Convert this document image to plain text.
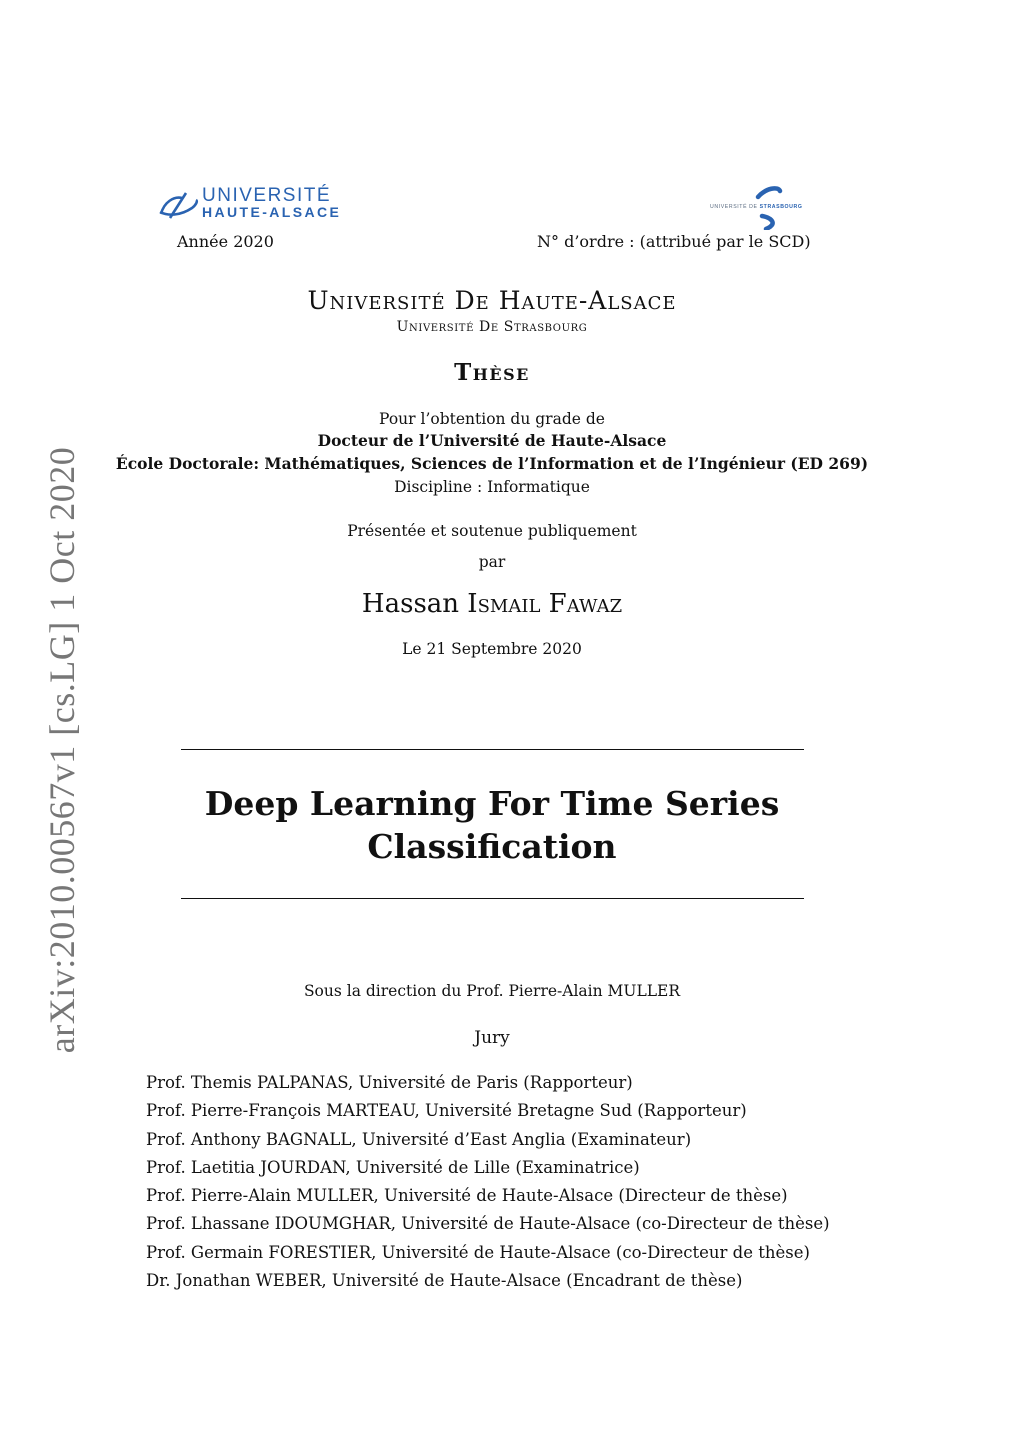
arXiv:2010.00567v1 [cs.LG] 1 Oct 2020
UNIVERSITÉ
HAUTE-ALSACE	UNIVERSITÉ DE STRASBOURG
Année 2020	N° d’ordre : (attribué par le SCD)
Université De Haute-Alsace
Université De Strasbourg
Thèse
Pour l’obtention du grade de
Docteur de l’Université de Haute-Alsace
École Doctorale: Mathématiques, Sciences de l’Information et de l’Ingénieur (ED 269)
Discipline : Informatique
Présentée et soutenue publiquement
par
Hassan Ismail Fawaz
Le 21 Septembre 2020
Deep Learning For Time Series
Classification
Sous la direction du Prof. Pierre-Alain MULLER
Jury
Prof. Themis PALPANAS, Université de Paris (Rapporteur)
Prof. Pierre-François MARTEAU, Université Bretagne Sud (Rapporteur)
Prof. Anthony BAGNALL, Université d’East Anglia (Examinateur)
Prof. Laetitia JOURDAN, Université de Lille (Examinatrice)
Prof. Pierre-Alain MULLER, Université de Haute-Alsace (Directeur de thèse)
Prof. Lhassane IDOUMGHAR, Université de Haute-Alsace (co-Directeur de thèse)
Prof. Germain FORESTIER, Université de Haute-Alsace (co-Directeur de thèse)
Dr. Jonathan WEBER, Université de Haute-Alsace (Encadrant de thèse)
